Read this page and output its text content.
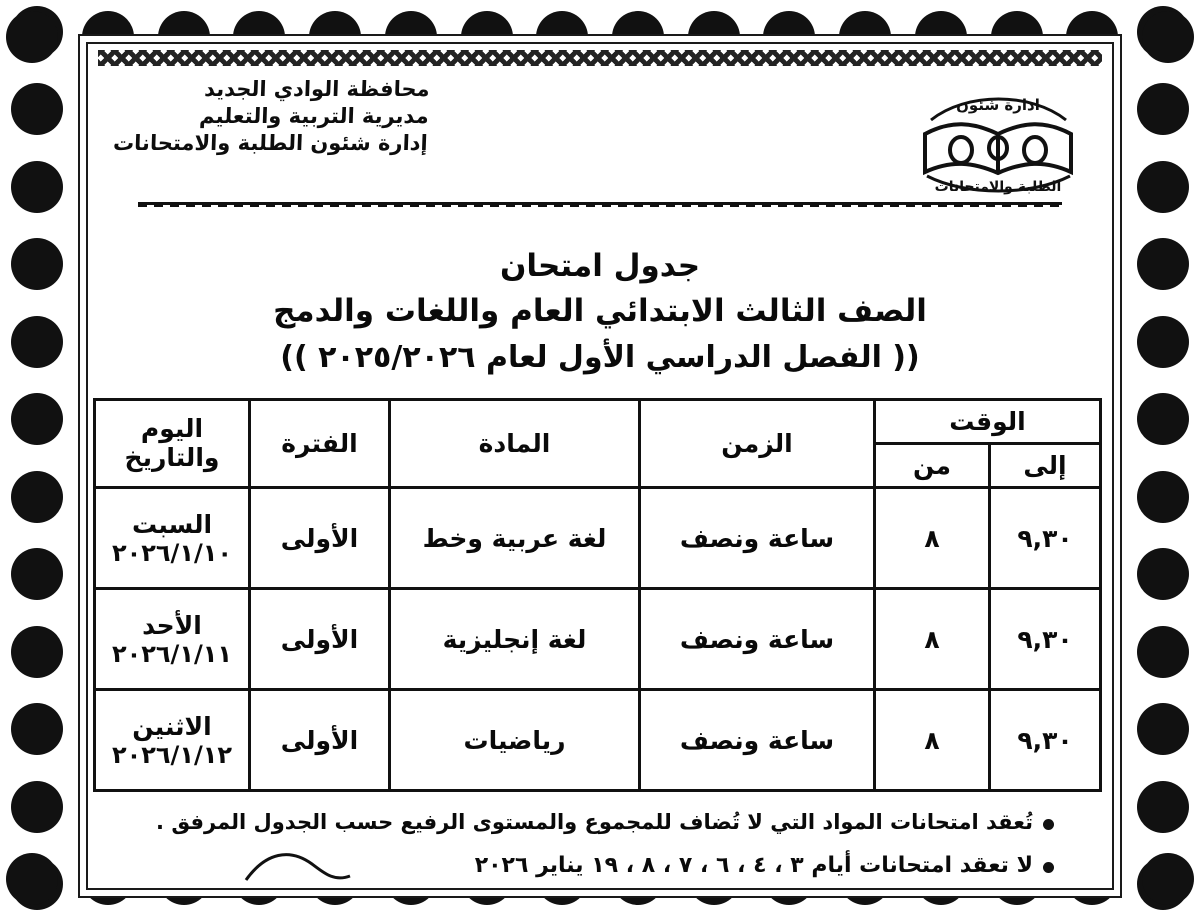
محافظة الوادي الجديد
مديرية التربية والتعليم
إدارة شئون الطلبة والامتحانات
ادارة شئون
الطلبة والامتحانات
جدول امتحان
الصف الثالث الابتدائي العام واللغات والدمج
(( الفصل الدراسي الأول لعام ٢٠٢٥/٢٠٢٦ ))
الوقت		الزمن	المادة	الفترة	اليوم
والتاريخ

إلى	من				
٩,٣٠	٨	ساعة ونصف	لغة عربية وخط	الأولى	السبت
٢٠٢٦/١/١٠

٩,٣٠	٨	ساعة ونصف	لغة إنجليزية	الأولى	الأحد
٢٠٢٦/١/١١

٩,٣٠	٨	ساعة ونصف	رياضيات	الأولى	الاثنين
٢٠٢٦/١/١٢
تُعقد امتحانات المواد التي لا تُضاف للمجموع والمستوى الرفيع حسب الجدول المرفق .
لا تعقد امتحانات أيام ٣ ، ٤ ، ٦ ، ٧ ، ٨ ، ١٩ يناير ٢٠٢٦
